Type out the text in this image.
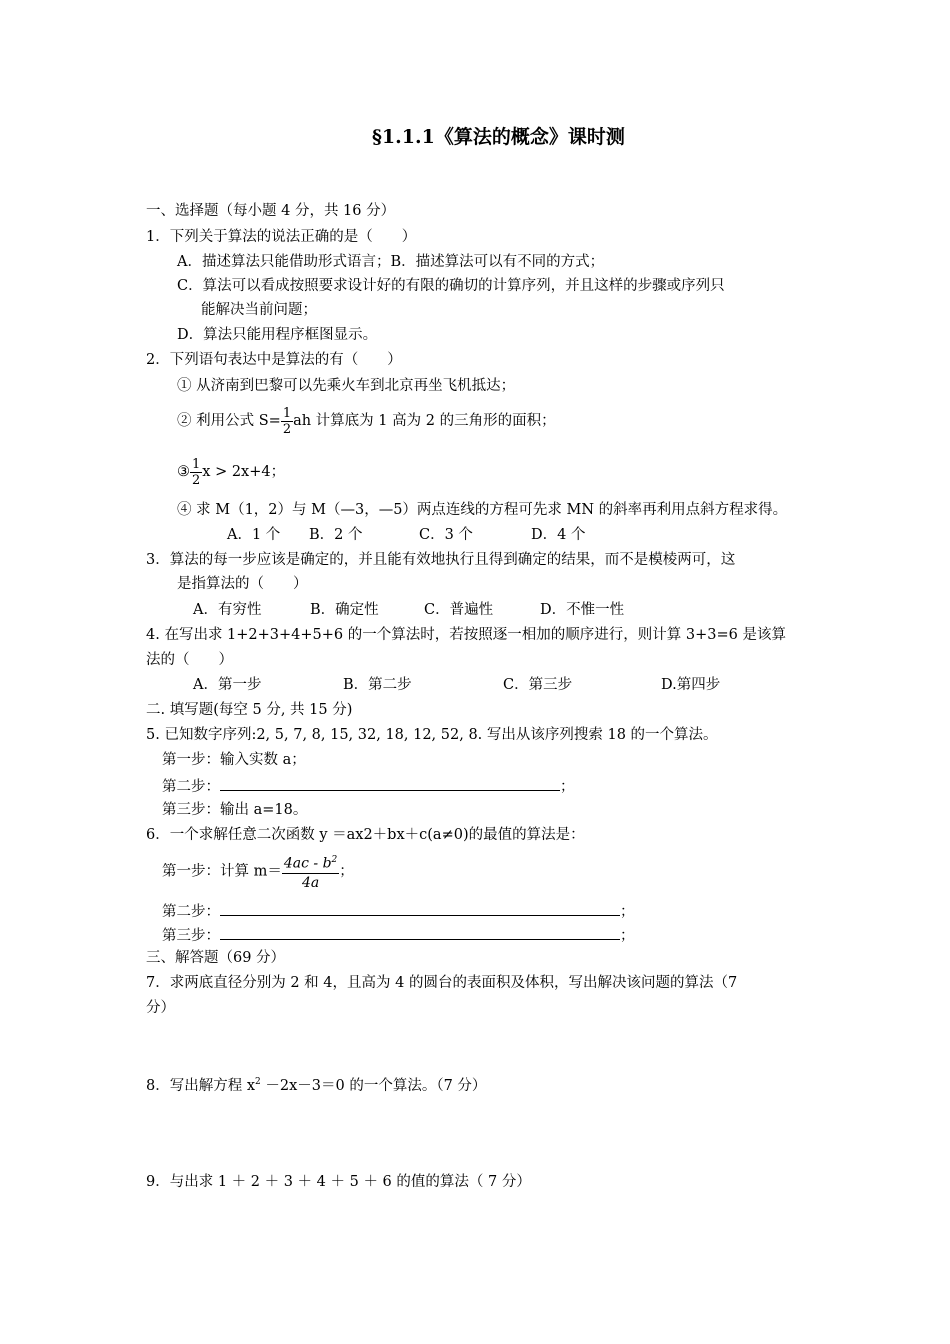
§1.1.1《算法的概念》课时测
一、选择题（每小题 4 分，共 16 分）
1．下列关于算法的说法正确的是（　　）
A．描述算法只能借助形式语言；B．描述算法可以有不同的方式；
C．算法可以看成按照要求设计好的有限的确切的计算序列，并且这样的步骤或序列只
能解决当前问题；
D．算法只能用程序框图显示。
2．下列语句表达中是算法的有（　　）
① 从济南到巴黎可以先乘火车到北京再坐飞机抵达；
② 利用公式 $S= \frac{1}{2}$ ah 计算底为 1 高为 2 的三角形的面积；
③ $\frac{1}{2}$ x > 2x+4；
④ 求 M（1，2）与 M（—3，—5）两点连线的方程可先求 MN 的斜率再利用点斜方程求得。
A．1 个 B．2 个	C．3 个	D．4 个
3．算法的每一步应该是确定的，并且能有效地执行且得到确定的结果，而不是模棱两可，这
是指算法的（　　）
A．有穷性	B．确定性	C．普遍性	D．不惟一性
4. 在写出求 1+2+3+4+5+6 的一个算法时，若按照逐一相加的顺序进行，则计算 3+3=6 是该算
法的（　　）
A．第一步	B．第二步	C．第三步	D.第四步
二. 填写题(每空 5 分, 共 15 分)
5. 已知数字序列:2, 5, 7, 8, 15, 32, 18, 12, 52, 8. 写出从该序列搜索 18 的一个算法。
第一步：输入实数 a；
第二步：	；
第三步：输出 a=18。
6．一个求解任意二次函数 y ＝ax2＋bx＋c(a≠0)的最值的算法是：
第一步：计算 $m= \frac{4ac - b^2}{4a}$ ；
第二步：	；
第三步：	；
三、解答题（69 分）
7．求两底直径分别为 2 和 4，且高为 4 的圆台的表面积及体积，写出解决该问题的算法（7
分）
8．写出解方程 $x^2 -2x-3=0$ 的一个算法。（7 分）
9．与出求 1 ＋ 2 ＋ 3 ＋ 4 ＋ 5 ＋ 6 的值的算法（ 7 分）
